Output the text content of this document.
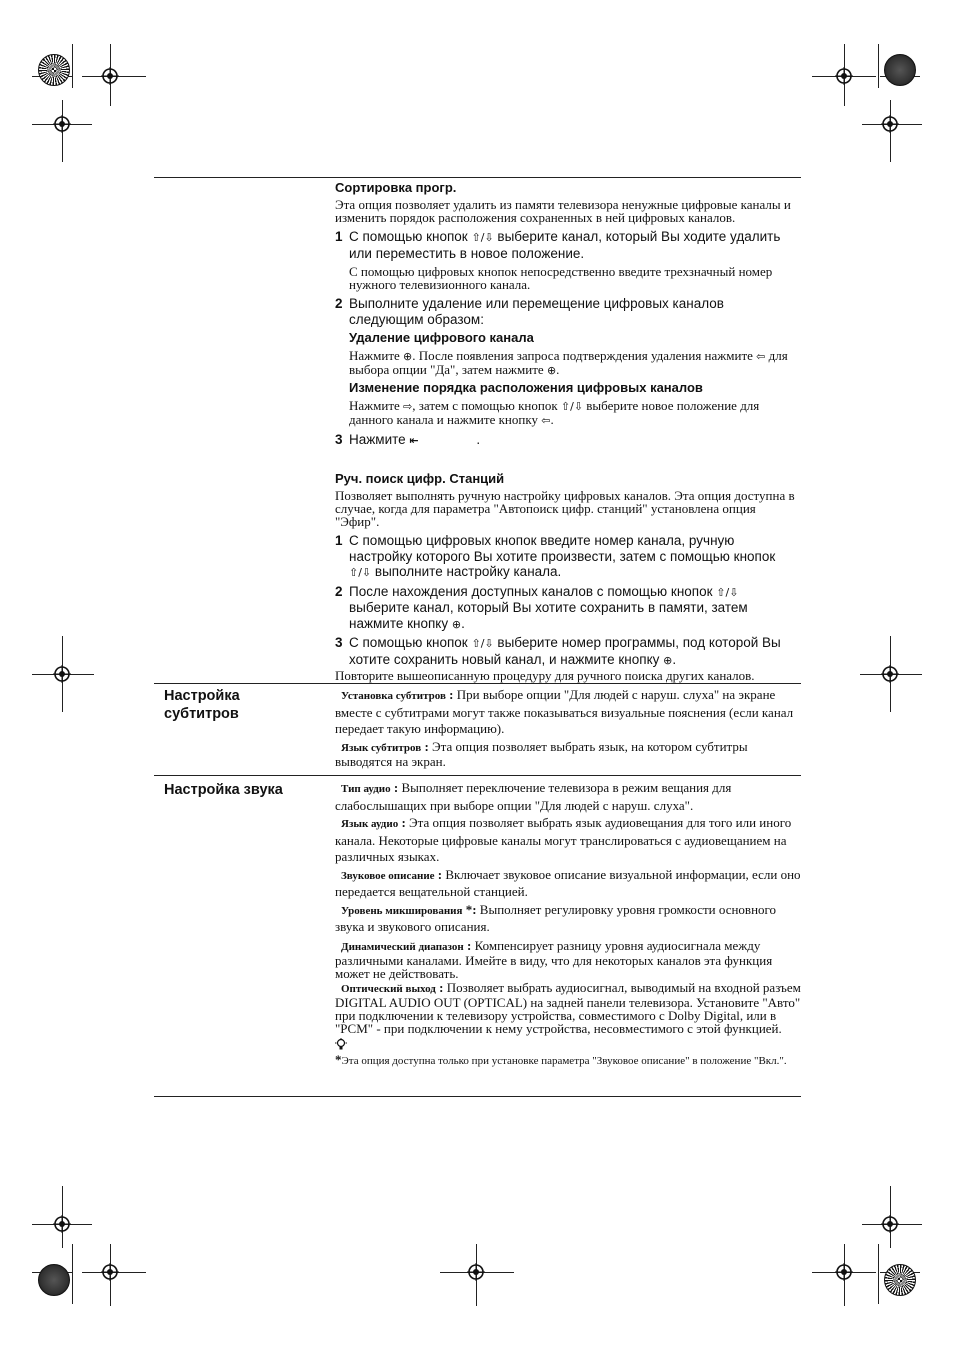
Сортировка прогр.

Эта опция позволяет удалить из памяти телевизора ненужные цифровые каналы и изменить порядок расположения сохраненных в ней цифровых каналов.

1 С помощью кнопок ⇧/⇩ выберите канал, который Вы ходите удалить или переместить в новое положение.

С помощью цифровых кнопок непосредственно введите трехзначный номер нужного телевизионного канала.

2 Выполните удаление или перемещение цифровых каналов следующим образом:

Удаление цифрового канала

Нажмите ⊕. После появления запроса подтверждения удаления нажмите ⇦ для выбора опции "Да", затем нажмите ⊕.

Изменение порядка расположения цифровых каналов

Нажмите ⇨, затем с помощью кнопок ⇧/⇩ выберите новое положение для данного канала и нажмите кнопку ⇦.

3 Нажмите ⇤	.

Руч. поиск цифр. Станций

Позволяет выполнять ручную настройку цифровых каналов. Эта опция доступна в случае, когда для параметра "Автопоиск цифр. станций" установлена опция "Эфир".

1 С помощью цифровых кнопок введите номер канала, ручную настройку которого Вы хотите произвести, затем с помощью кнопок ⇧/⇩ выполните настройку канала.
2 После нахождения доступных каналов с помощью кнопок ⇧/⇩ выберите канал, который Вы хотите сохранить в памяти, затем нажмите кнопку ⊕.
3 С помощью кнопок ⇧/⇩ выберите номер программы, под которой Вы хотите сохранить новый канал, и нажмите кнопку ⊕.

Повторите вышеописанную процедуру для ручного поиска других каналов.

Настройка субтитров

Установка субтитров : При выборе опции "Для людей с наруш. слуха" на экране вместе с субтитрами могут также показываться визуальные пояснения (если канал передает такую информацию).

Язык субтитров : Эта опция позволяет выбрать язык, на котором субтитры выводятся на экран.

Настройка звука	Тип аудио : Выполняет переключение телевизора в режим вещания для слабослышащих при выборе опции "Для людей с наруш. слуха".

Язык аудио : Эта опция позволяет выбрать язык аудиовещания для того или иного канала. Некоторые цифровые каналы могут транслироваться с аудиовещанием на различных языках.

Звуковое описание : Включает звуковое описание визуальной информации, если оно передается вещательной станцией.

Уровень микширования *: Выполняет регулировку уровня громкости основного звука и звукового описания.

Динамический диапазон : Компенсирует разницу уровня аудиосигнала между различными каналами. Имейте в виду, что для некоторых каналов эта функция может не действовать.

Оптический выход : Позволяет выбрать аудиосигнал, выводимый на входной разъем DIGITAL AUDIO OUT (OPTICAL) на задней панели телевизора. Установите "Авто" при подключении к телевизору устройства, совместимого с Dolby Digital, или в "PCM" - при подключении к нему устройства, несовместимого с этой функцией.

*Эта опция доступна только при установке параметра "Звуковое описание" в положение "Вкл.".
